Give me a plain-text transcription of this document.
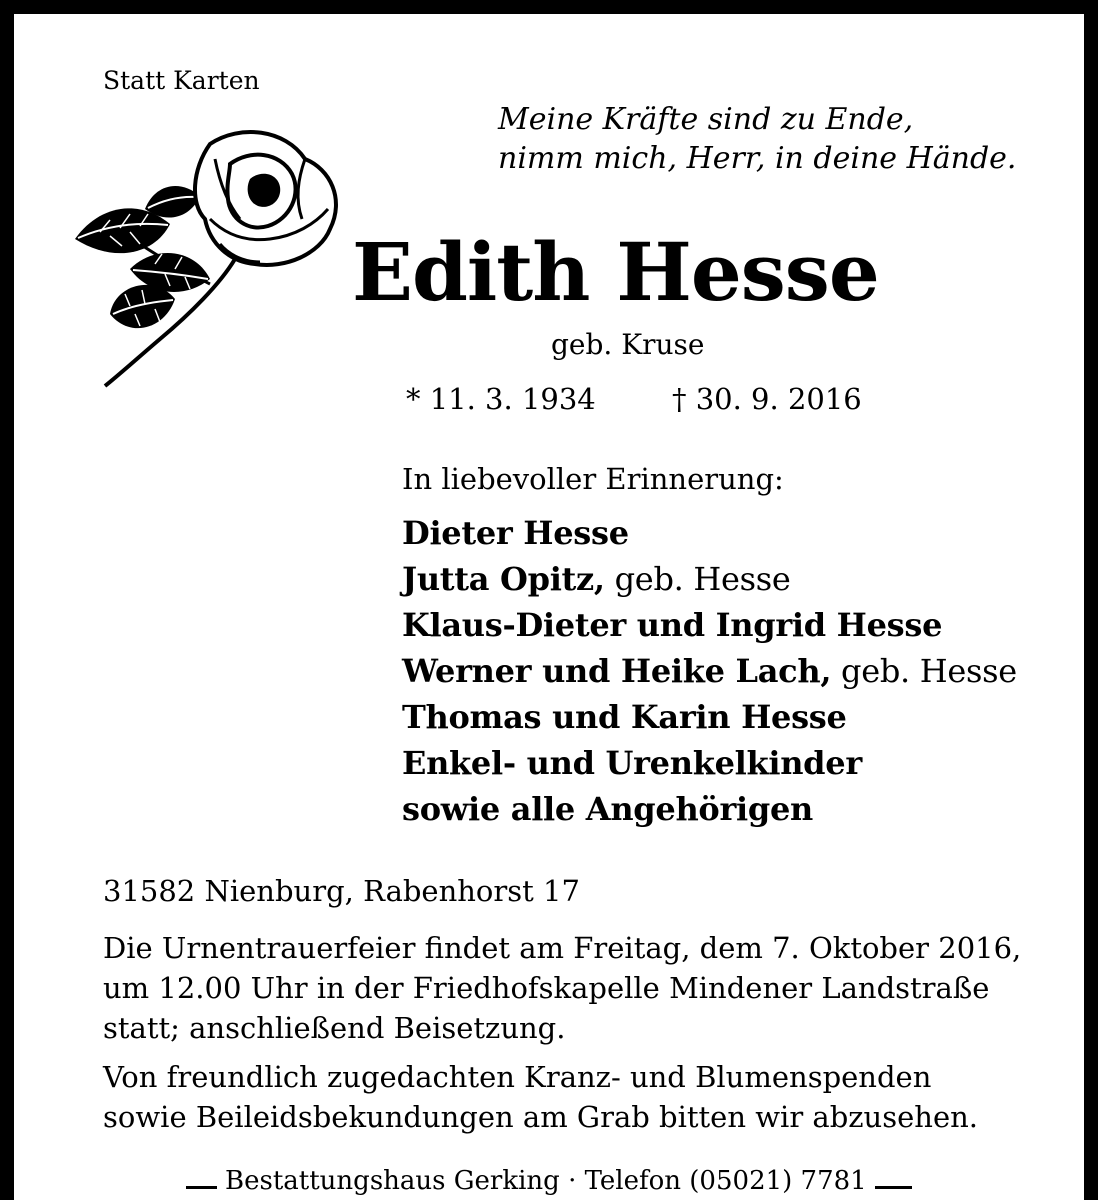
Statt Karten
Meine Kräfte sind zu Ende,
nimm mich, Herr, in deine Hände.
Edith Hesse
geb. Kruse
* 11. 3. 1934	† 30. 9. 2016
In liebevoller Erinnerung:
Dieter Hesse
Jutta Opitz, geb. Hesse
Klaus-Dieter und Ingrid Hesse
Werner und Heike Lach, geb. Hesse
Thomas und Karin Hesse
Enkel- und Urenkelkinder
sowie alle Angehörigen
31582 Nienburg, Rabenhorst 17
Die Urnentrauerfeier findet am Freitag, dem 7. Oktober 2016,
um 12.00 Uhr in der Friedhofskapelle Mindener Landstraße
statt; anschließend Beisetzung.
Von freundlich zugedachten Kranz- und Blumenspenden
sowie Beileidsbekundungen am Grab bitten wir abzusehen.
Bestattungshaus Gerking · Telefon (05021) 7781
